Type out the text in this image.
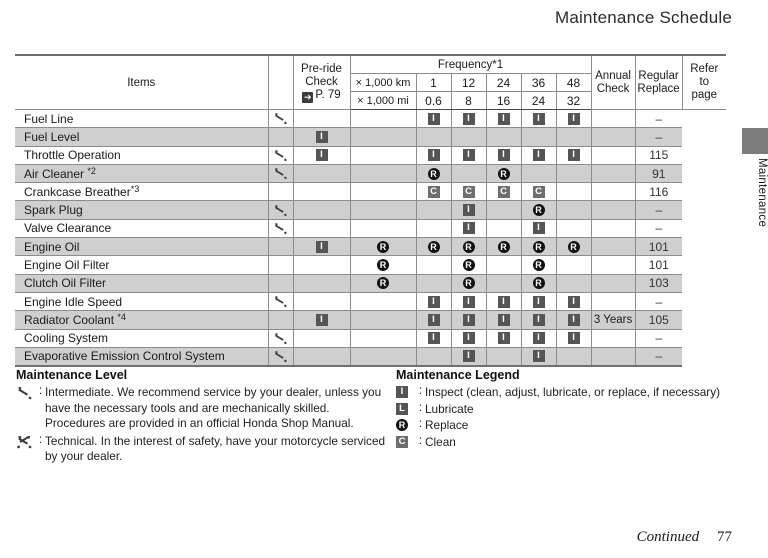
Maintenance Schedule
Maintenance
Items		
Pre-ride
Check
➔ P. 79
	Frequency*1	
Annual
Check

Regular
Replace

Refer
to
page

			× 1,000 km	1	12	24	36	48			
			× 1,000 mi	0.6	8	16	24	32			
Fuel Line				I	I	I	I	I		–	
Fuel Level		I								–	
Throttle Operation		I		I	I	I	I	I		115	
Air Cleaner $^{*2}$				R		R				91	
Crankcase Breather$^{*3}$				C	C	C	C			116	
Spark Plug					I		R			–	
Valve Clearance					I		I			–	
Engine Oil		I	R	R	R	R	R	R		101	
Engine Oil Filter			R		R		R			101	
Clutch Oil Filter			R		R		R			103	
Engine Idle Speed				I	I	I	I	I		–	
Radiator Coolant $^{*4}$		I		I	I	I	I	I	3 Years	105	
Cooling System				I	I	I	I	I		–	
Evaporative Emission Control System					I		I			–	
Maintenance Level
: Intermediate. We recommend service by your dealer, unless you have the necessary tools and are mechanically skilled. Procedures are provided in an official Honda Shop Manual.
: Technical. In the interest of safety, have your motorcycle serviced by your dealer.
Maintenance Legend
I	: Inspect (clean, adjust, lubricate, or replace, if necessary)
L	: Lubricate
R	: Replace
C	: Clean
Continued 77
